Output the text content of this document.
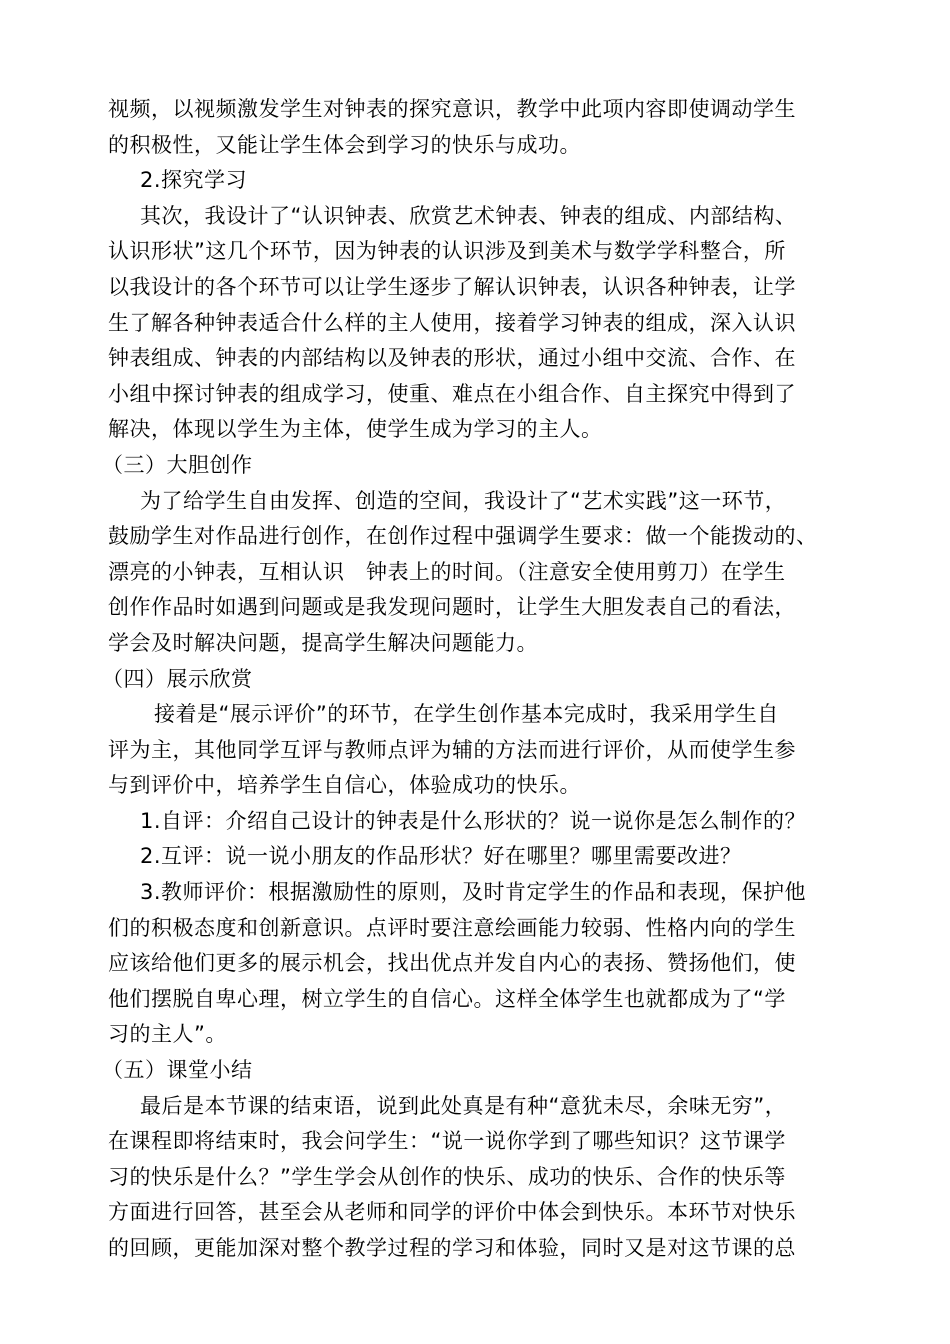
视频，以视频激发学生对钟表的探究意识，教学中此项内容即使调动学生
的积极性，又能让学生体会到学习的快乐与成功。
2.探究学习
其次，我设计了“认识钟表、欣赏艺术钟表、钟表的组成、内部结构、
认识形状”这几个环节，因为钟表的认识涉及到美术与数学学科整合，所
以我设计的各个环节可以让学生逐步了解认识钟表，认识各种钟表，让学
生了解各种钟表适合什么样的主人使用，接着学习钟表的组成，深入认识
钟表组成、钟表的内部结构以及钟表的形状，通过小组中交流、合作、在
小组中探讨钟表的组成学习，使重、难点在小组合作、自主探究中得到了
解决，体现以学生为主体，使学生成为学习的主人。
（三）大胆创作
为了给学生自由发挥、创造的空间，我设计了“艺术实践”这一环节，
鼓励学生对作品进行创作，在创作过程中强调学生要求：做一个能拨动的、
漂亮的小钟表，互相认识　钟表上的时间。（注意安全使用剪刀）在学生
创作作品时如遇到问题或是我发现问题时，让学生大胆发表自己的看法，
学会及时解决问题，提高学生解决问题能力。
（四）展示欣赏
接着是“展示评价”的环节，在学生创作基本完成时，我采用学生自
评为主，其他同学互评与教师点评为辅的方法而进行评价，从而使学生参
与到评价中，培养学生自信心，体验成功的快乐。
1.自评：介绍自己设计的钟表是什么形状的？说一说你是怎么制作的？
2.互评：说一说小朋友的作品形状？好在哪里？哪里需要改进？
3.教师评价：根据激励性的原则，及时肯定学生的作品和表现，保护他
们的积极态度和创新意识。点评时要注意绘画能力较弱、性格内向的学生
应该给他们更多的展示机会，找出优点并发自内心的表扬、赞扬他们，使
他们摆脱自卑心理，树立学生的自信心。这样全体学生也就都成为了“学
习的主人”。
（五）课堂小结
最后是本节课的结束语，说到此处真是有种“意犹未尽，余味无穷”，
在课程即将结束时，我会问学生：“说一说你学到了哪些知识？这节课学
习的快乐是什么？”学生学会从创作的快乐、成功的快乐、合作的快乐等
方面进行回答，甚至会从老师和同学的评价中体会到快乐。本环节对快乐
的回顾，更能加深对整个教学过程的学习和体验，同时又是对这节课的总
